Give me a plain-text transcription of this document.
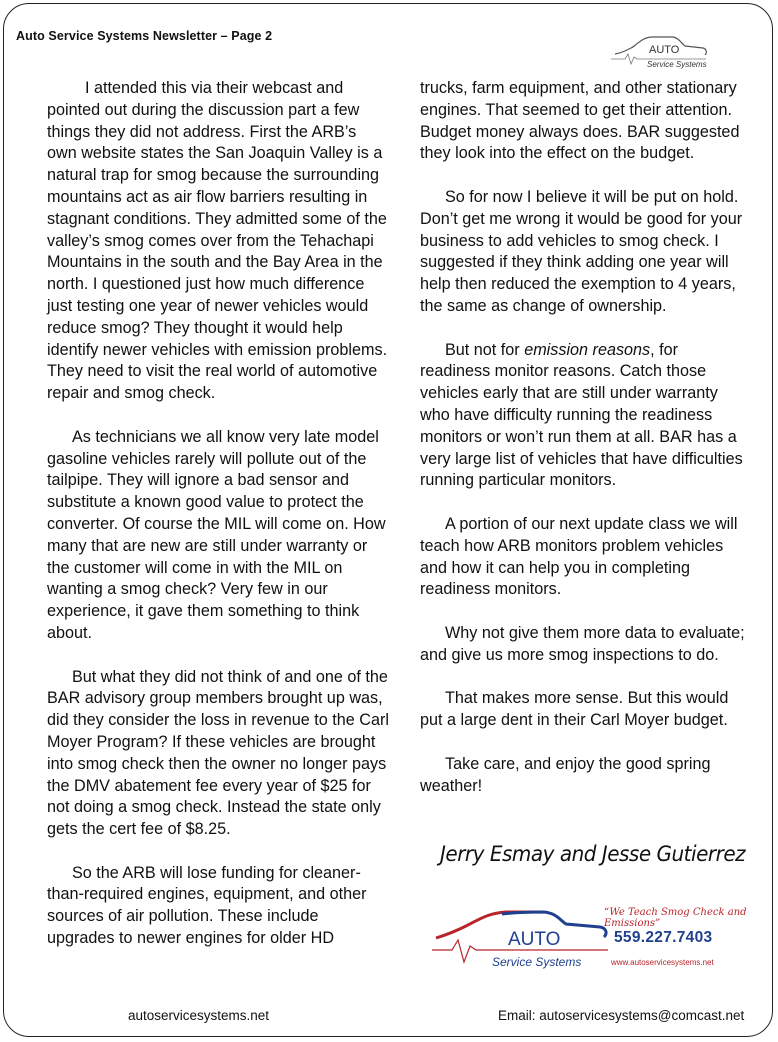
Auto Service Systems Newsletter – Page 2
AUTO
Service Systems

I attended this via their webcast and pointed out during the discussion part a few things they did not address. First the ARB’s own website states the San Joaquin Valley is a natural trap for smog because the surrounding mountains act as air flow barriers resulting in stagnant conditions. They admitted some of the valley’s smog comes over from the Tehachapi Mountains in the south and the Bay Area in the north. I questioned just how much difference just testing one year of newer vehicles would reduce smog? They thought it would help identify newer vehicles with emission problems. They need to visit the real world of automotive repair and smog check.

As technicians we all know very late model gasoline vehicles rarely will pollute out of the tailpipe. They will ignore a bad sensor and substitute a known good value to protect the converter. Of course the MIL will come on. How many that are new are still under warranty or the customer will come in with the MIL on wanting a smog check? Very few in our experience, it gave them something to think about.

But what they did not think of and one of the BAR advisory group members brought up was, did they consider the loss in revenue to the Carl Moyer Program? If these vehicles are brought into smog check then the owner no longer pays the DMV abatement fee every year of $25 for not doing a smog check. Instead the state only gets the cert fee of $8.25.

So the ARB will lose funding for cleaner-than-required engines, equipment, and other sources of air pollution. These include upgrades to newer engines for older HD

trucks, farm equipment, and other stationary engines. That seemed to get their attention. Budget money always does. BAR suggested they look into the effect on the budget.

So for now I believe it will be put on hold. Don’t get me wrong it would be good for your business to add vehicles to smog check. I suggested if they think adding one year will help then reduced the exemption to 4 years, the same as change of ownership.

But not for emission reasons, for readiness monitor reasons. Catch those vehicles early that are still under warranty who have difficulty running the readiness monitors or won’t run them at all. BAR has a very large list of vehicles that have difficulties running particular monitors.

A portion of our next update class we will teach how ARB monitors problem vehicles and how it can help you in completing readiness monitors.

Why not give them more data to evaluate; and give us more smog inspections to do.

That makes more sense. But this would put a large dent in their Carl Moyer budget.

Take care, and enjoy the good spring weather!

Jerry Esmay and Jesse Gutierrez
AUTO
Service Systems
“We Teach Smog Check and Emissions”
559.227.7403
www.autoservicesystems.net
autoservicesystems.net	Email: autoservicesystems@comcast.net
